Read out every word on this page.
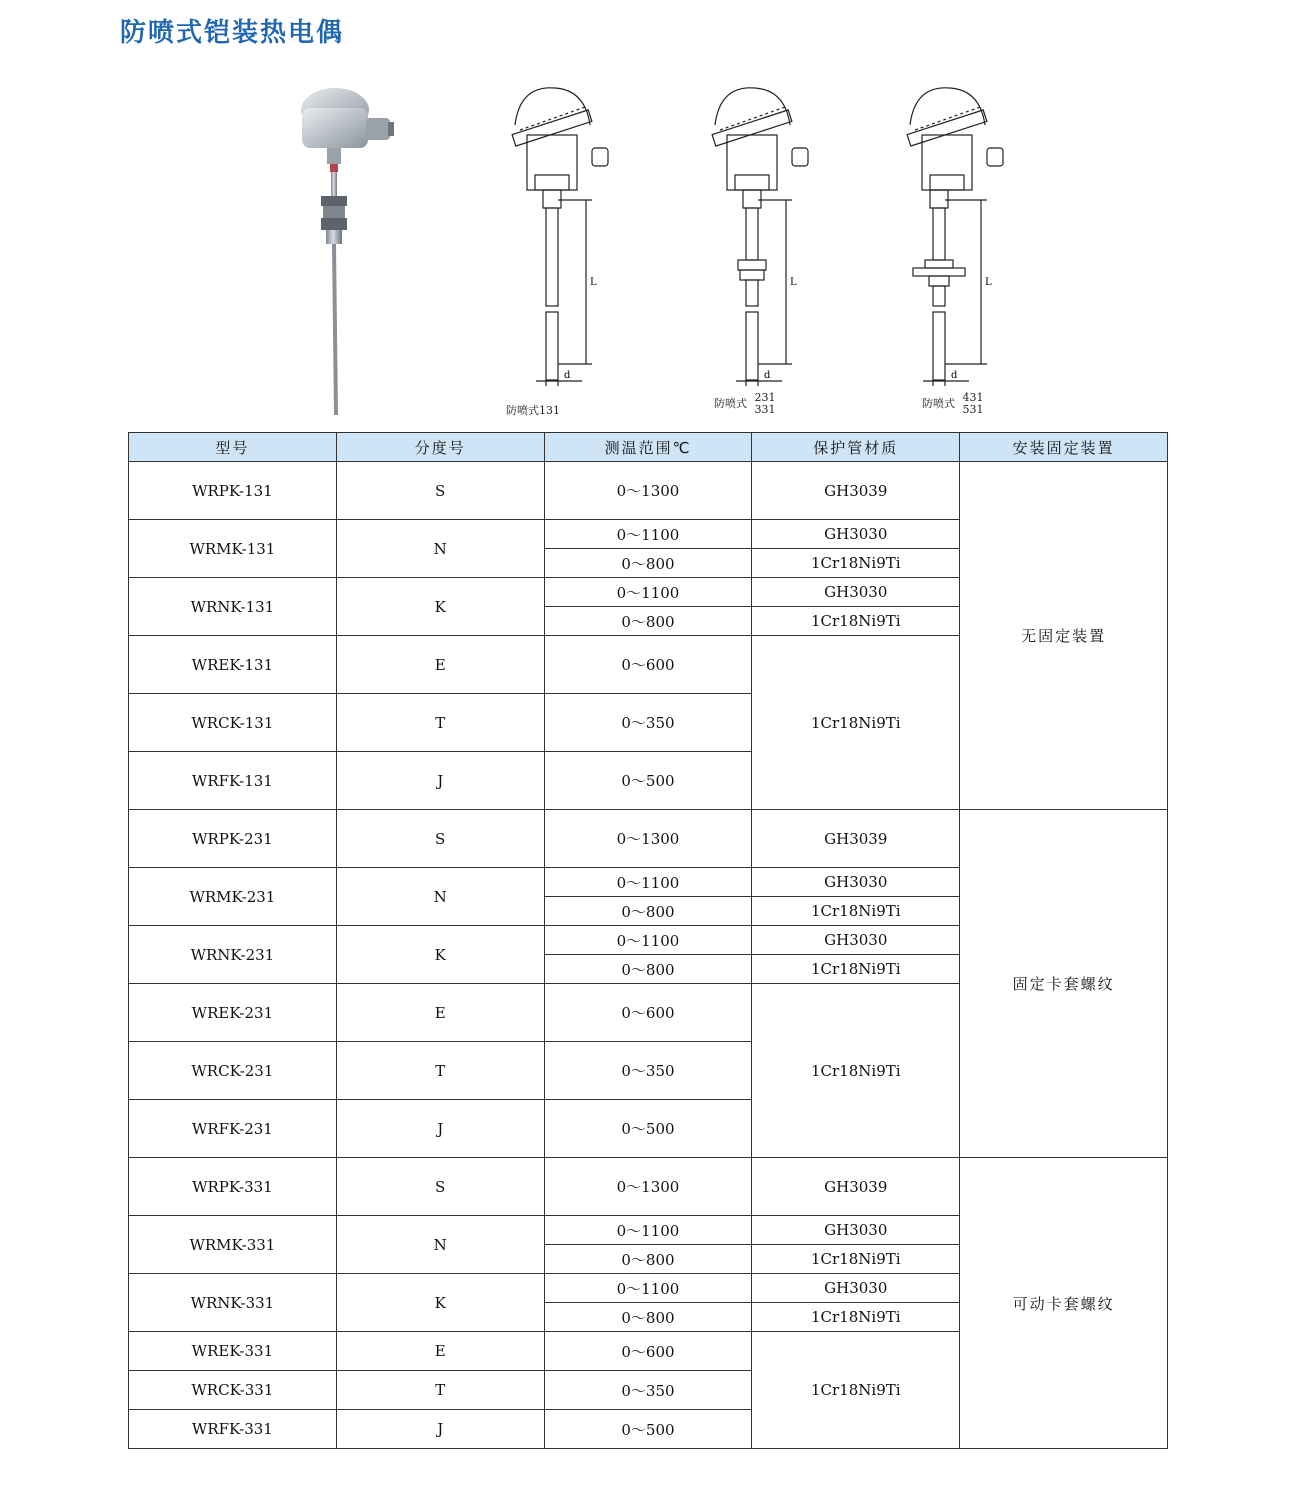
防喷式铠装热电偶
L
d
L
d
L
d
防喷式131
防喷式 231
331	防喷式 431
531
型号	分度号	测温范围℃	保护管材质	安装固定装置
WRPK-131	S	0～1300	GH3039	无固定装置
WRMK-131	N	0～1100	GH3030	
		0～800	1Cr18Ni9Ti	
WRNK-131	K	0～1100	GH3030	
		0～800	1Cr18Ni9Ti	
WREK-131	E	0～600	1Cr18Ni9Ti	
WRCK-131	T	0～350		
WRFK-131	J	0～500		
WRPK-231	S	0～1300	GH3039	固定卡套螺纹
WRMK-231	N	0～1100	GH3030	
		0～800	1Cr18Ni9Ti	
WRNK-231	K	0～1100	GH3030	
		0～800	1Cr18Ni9Ti	
WREK-231	E	0～600	1Cr18Ni9Ti	
WRCK-231	T	0～350		
WRFK-231	J	0～500		
WRPK-331	S	0～1300	GH3039	可动卡套螺纹
WRMK-331	N	0～1100	GH3030	
		0～800	1Cr18Ni9Ti	
WRNK-331	K	0～1100	GH3030	
		0～800	1Cr18Ni9Ti	
WREK-331	E	0～600	1Cr18Ni9Ti	
WRCK-331	T	0～350		
WRFK-331	J	0～500		
